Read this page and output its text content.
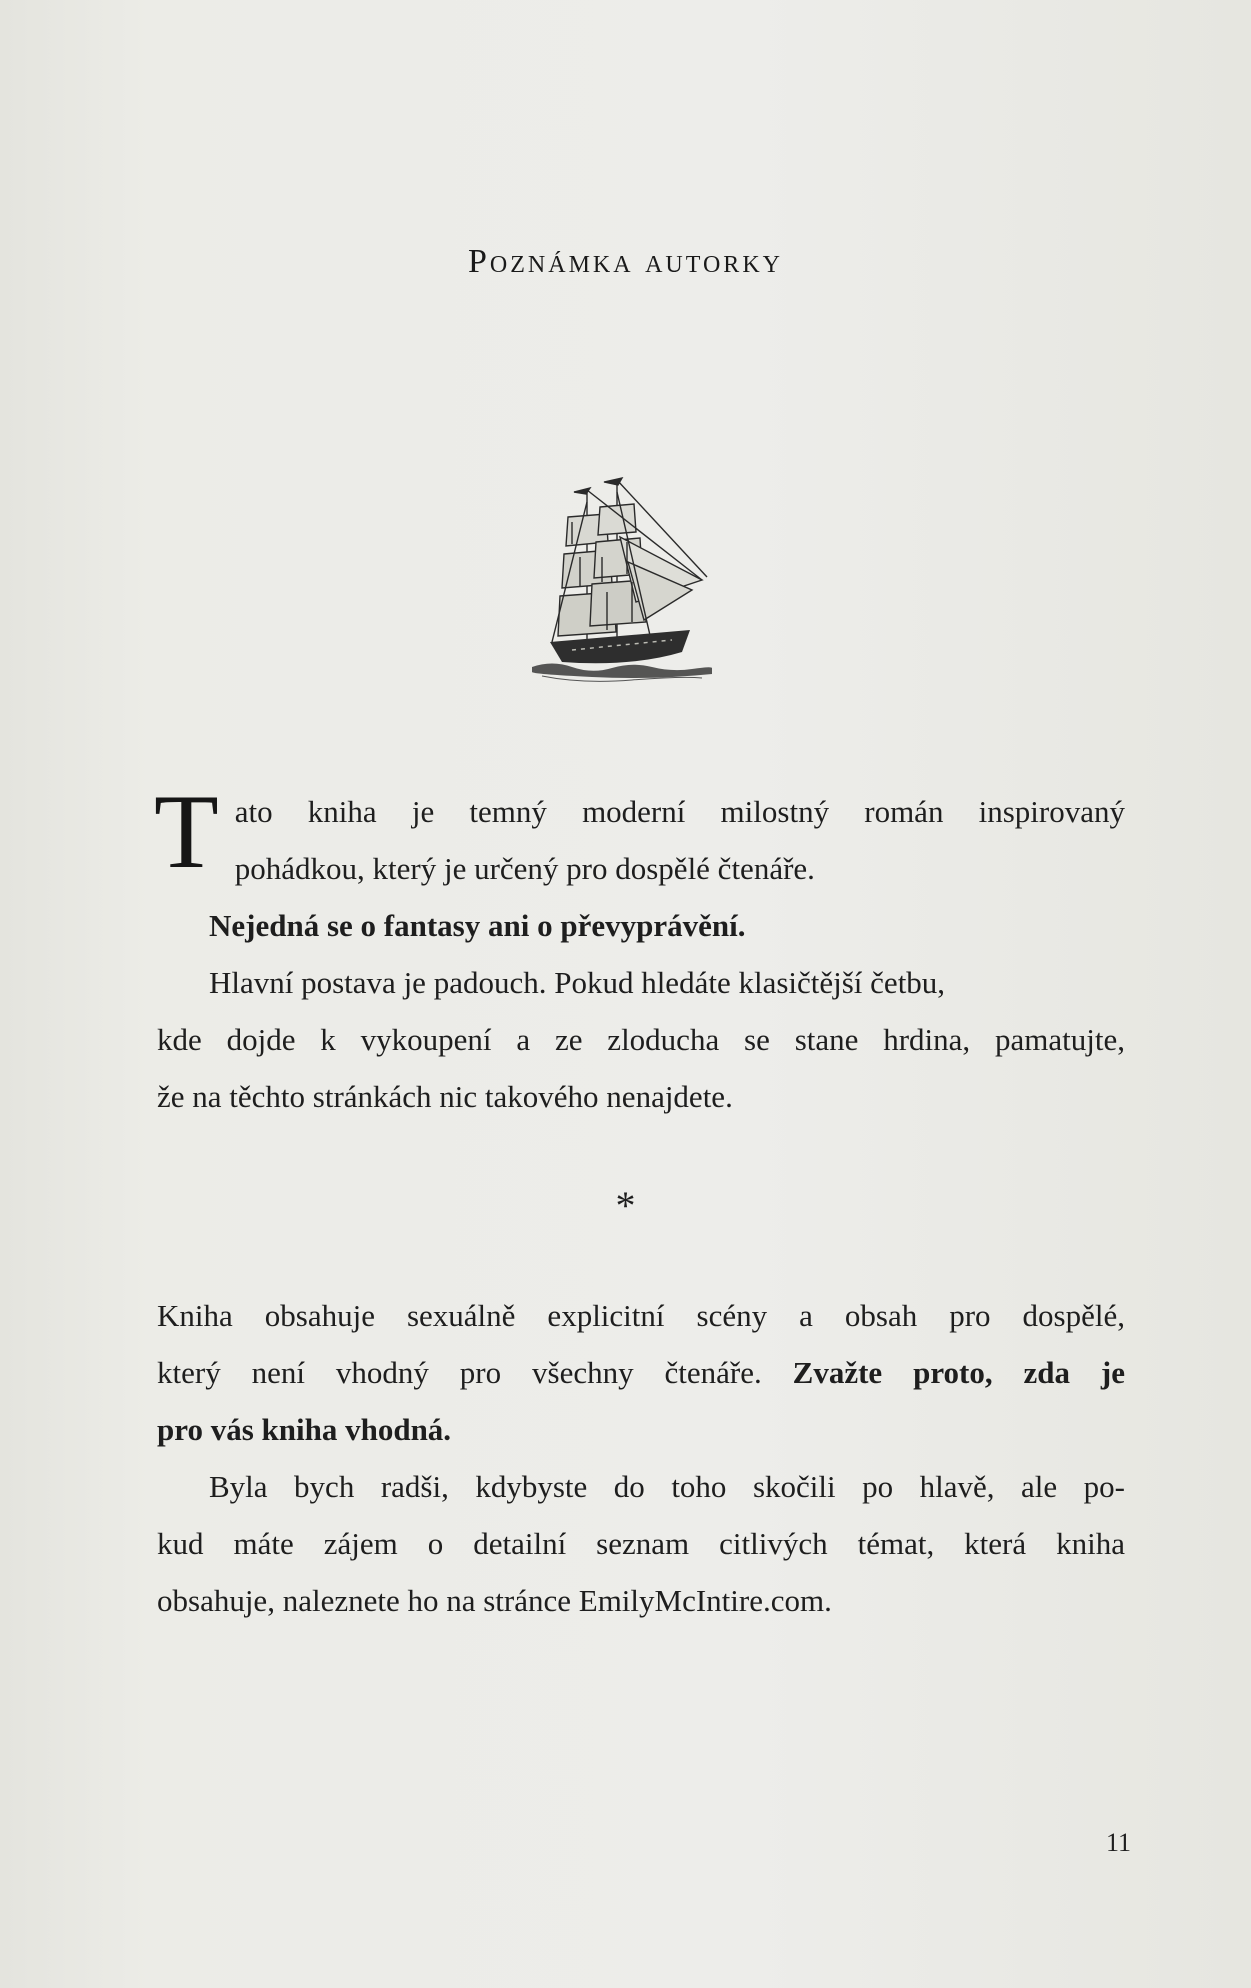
Poznámka autorky
T ato kniha je temný moderní milostný román inspirovaný
pohádkou, který je určený pro dospělé čtenáře.
Nejedná se o fantasy ani o převyprávění.
Hlavní postava je padouch. Pokud hledáte klasičtější četbu,
kde dojde k vykoupení a ze zloducha se stane hrdina, pamatujte,
že na těchto stránkách nic takového nenajdete.
*
Kniha obsahuje sexuálně explicitní scény a obsah pro dospělé,
který není vhodný pro všechny čtenáře. Zvažte proto, zda je
pro vás kniha vhodná.
Byla bych radši, kdybyste do toho skočili po hlavě, ale po-
kud máte zájem o detailní seznam citlivých témat, která kniha
obsahuje, naleznete ho na stránce EmilyMcIntire.com.
11
